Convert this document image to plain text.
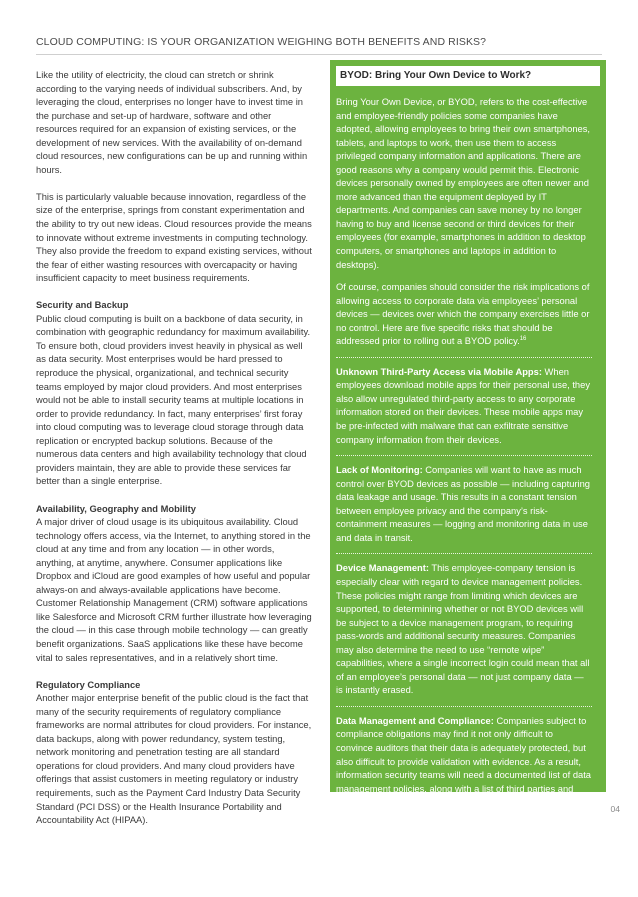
CLOUD COMPUTING: IS YOUR ORGANIZATION WEIGHING BOTH BENEFITS AND RISKS?

Like the utility of electricity, the cloud can stretch or shrink according to the varying needs of individual subscribers. And, by leveraging the cloud, enterprises no longer have to invest time in the purchase and set-up of hardware, software and other resources required for an expansion of existing services, or the development of new services. With the availability of on-demand cloud resources, new configurations can be up and running within hours.

This is particularly valuable because innovation, regardless of the size of the enterprise, springs from constant experimentation and the ability to try out new ideas. Cloud resources provide the means to innovate without extreme investments in computing technology. They also provide the freedom to expand existing services, without the fear of either wasting resources with overcapacity or having insufficient capacity to meet business requirements.

Security and Backup

Public cloud computing is built on a backbone of data security, in combination with geographic redundancy for maximum availability. To ensure both, cloud providers invest heavily in physical as well as data security. Most enterprises would be hard pressed to reproduce the physical, organizational, and technical security teams employed by major cloud providers. And most enterprises would not be able to install security teams at multiple locations in order to provide redundancy. In fact, many enterprises’ first foray into cloud computing was to leverage cloud storage through data replication or encrypted backup solutions. Because of the numerous data centers and high availability technology that cloud providers maintain, they are able to provide these services far better than a single enterprise.

Availability, Geography and Mobility

A major driver of cloud usage is its ubiquitous availability. Cloud technology offers access, via the Internet, to anything stored in the cloud at any time and from any location — in other words, anything, at anytime, anywhere. Consumer applications like Dropbox and iCloud are good examples of how useful and popular always-on and always-available applications have become. Customer Relationship Management (CRM) software applications like Salesforce and Microsoft CRM further illustrate how leveraging the cloud — in this case through mobile technology — can greatly benefit organizations. SaaS applications like these have become vital to sales representatives, and in a relatively short time.

Regulatory Compliance

Another major enterprise benefit of the public cloud is the fact that many of the security requirements of regulatory compliance frameworks are normal attributes for cloud providers. For instance, data backups, along with power redundancy, system testing, network monitoring and penetration testing are all standard operations for cloud providers. And many cloud providers have offerings that assist customers in meeting regulatory or industry requirements, such as the Payment Card Industry Data Security Standard (PCI DSS) or the Health Insurance Portability and Accountability Act (HIPAA).

BYOD: Bring Your Own Device to Work?

Bring Your Own Device, or BYOD, refers to the cost-effective and employee-friendly policies some companies have adopted, allowing employees to bring their own smartphones, tablets, and laptops to work, then use them to access privileged company information and applications. There are good reasons why a company would permit this. Electronic devices personally owned by employees are often newer and more advanced than the equipment deployed by IT departments. And companies can save money by no longer having to buy and license second or third devices for their employees (for example, smartphones in addition to desktop computers, or smartphones and laptops in addition to desktops).

Of course, companies should consider the risk implications of allowing access to corporate data via employees’ personal devices — devices over which the company exercises little or no control. Here are five specific risks that should be addressed prior to rolling out a BYOD policy.$^{16}$
Unknown Third-Party Access via Mobile Apps: When employees download mobile apps for their personal use, they also allow unregulated third-party access to any corporate information stored on their devices. These mobile apps may be pre-infected with malware that can exfiltrate sensitive company information from their devices.
Lack of Monitoring: Companies will want to have as much control over BYOD devices as possible — including capturing data leakage and usage. This results in a constant tension between employee privacy and the company’s risk-containment measures — logging and monitoring data in use and data in transit.
Device Management: This employee-company tension is especially clear with regard to device management policies. These policies might range from limiting which devices are supported, to determining whether or not BYOD devices will be subject to a device management program, to requiring pass-words and additional security measures. Companies may also determine the need to use “remote wipe” capabilities, where a single incorrect login could mean that all of an employee’s personal data — not just company data — is instantly erased.
Data Management and Compliance: Companies subject to compliance obligations may find it not only difficult to convince auditors that their data is adequately protected, but also difficult to provide validation with evidence. As a result, information security teams will need a documented list of data management policies, along with a list of third parties and their data-storing devices.
Merging Personal and Company Time: Employees relying on their own devices at work tend to access their personal email and applications more readily, thus increasing the likeli-hood of engaging in personal activities on company time.
04
